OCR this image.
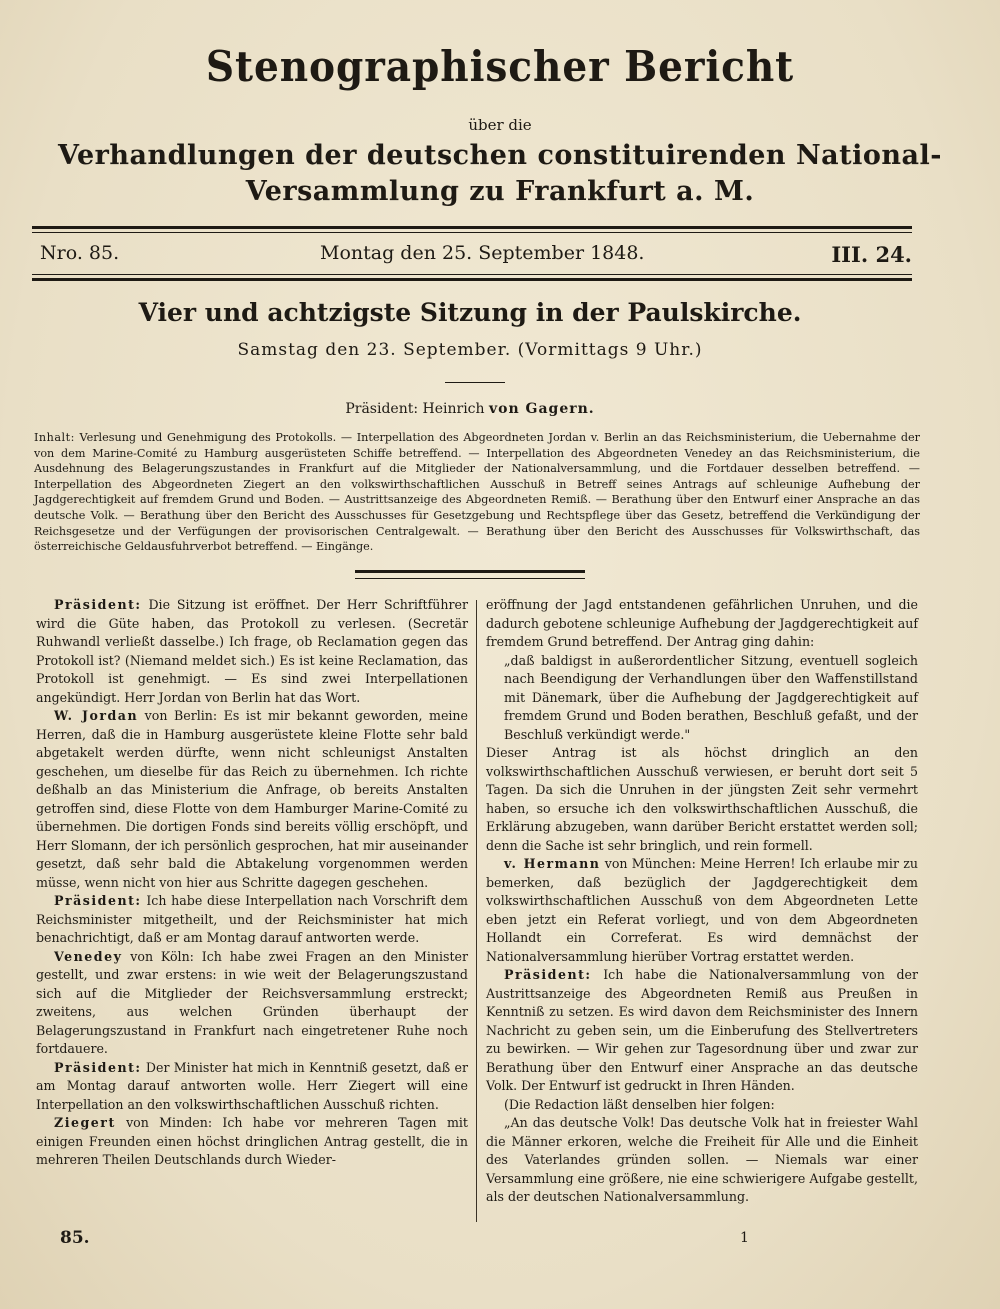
Stenographischer Bericht
über die
Verhandlungen der deutschen constituirenden National-
Versammlung zu Frankfurt a. M.
Nro. 85.	Montag den 25. September 1848.	III. 24.
Vier und achtzigste Sitzung in der Paulskirche.
Samstag den 23. September. (Vormittags 9 Uhr.)
Präsident: Heinrich von Gagern.
Inhalt: Verlesung und Genehmigung des Protokolls. — Interpellation des Abgeordneten Jordan v. Berlin an das Reichsministerium, die Uebernahme der von dem Marine-Comité zu Hamburg ausgerüsteten Schiffe betreffend. — Interpellation des Abgeordneten Venedey an das Reichsministerium, die Ausdehnung des Belagerungszustandes in Frankfurt auf die Mitglieder der Nationalversammlung, und die Fortdauer desselben betreffend. — Interpellation des Abgeordneten Ziegert an den volkswirthschaftlichen Ausschuß in Betreff seines Antrags auf schleunige Aufhebung der Jagdgerechtigkeit auf fremdem Grund und Boden. — Austrittsanzeige des Abgeordneten Remiß. — Berathung über den Entwurf einer Ansprache an das deutsche Volk. — Berathung über den Bericht des Ausschusses für Gesetzgebung und Rechtspflege über das Gesetz, betreffend die Verkündigung der Reichsgesetze und der Verfügungen der provisorischen Centralgewalt. — Berathung über den Bericht des Ausschusses für Volkswirthschaft, das österreichische Geldausfuhrverbot betreffend. — Eingänge.

Präsident: Die Sitzung ist eröffnet. Der Herr Schriftführer wird die Güte haben, das Protokoll zu verlesen. (Secretär Ruhwandl verließt dasselbe.) Ich frage, ob Reclamation gegen das Protokoll ist? (Niemand meldet sich.) Es ist keine Reclamation, das Protokoll ist genehmigt. — Es sind zwei Interpellationen angekündigt. Herr Jordan von Berlin hat das Wort.

W. Jordan von Berlin: Es ist mir bekannt geworden, meine Herren, daß die in Hamburg ausgerüstete kleine Flotte sehr bald abgetakelt werden dürfte, wenn nicht schleunigst Anstalten geschehen, um dieselbe für das Reich zu übernehmen. Ich richte deßhalb an das Ministerium die Anfrage, ob bereits Anstalten getroffen sind, diese Flotte von dem Hamburger Marine-Comité zu übernehmen. Die dortigen Fonds sind bereits völlig erschöpft, und Herr Slomann, der ich persönlich gesprochen, hat mir auseinander gesetzt, daß sehr bald die Abtakelung vorgenommen werden müsse, wenn nicht von hier aus Schritte dagegen geschehen.

Präsident: Ich habe diese Interpellation nach Vorschrift dem Reichsminister mitgetheilt, und der Reichsminister hat mich benachrichtigt, daß er am Montag darauf antworten werde.

Venedey von Köln: Ich habe zwei Fragen an den Minister gestellt, und zwar erstens: in wie weit der Belagerungszustand sich auf die Mitglieder der Reichsversammlung erstreckt; zweitens, aus welchen Gründen überhaupt der Belagerungszustand in Frankfurt nach eingetretener Ruhe noch fortdauere.

Präsident: Der Minister hat mich in Kenntniß gesetzt, daß er am Montag darauf antworten wolle. Herr Ziegert will eine Interpellation an den volkswirthschaftlichen Ausschuß richten.

Ziegert von Minden: Ich habe vor mehreren Tagen mit einigen Freunden einen höchst dringlichen Antrag gestellt, die in mehreren Theilen Deutschlands durch Wieder-

eröffnung der Jagd entstandenen gefährlichen Unruhen, und die dadurch gebotene schleunige Aufhebung der Jagdgerechtigkeit auf fremdem Grund betreffend. Der Antrag ging dahin:

„daß baldigst in außerordentlicher Sitzung, eventuell sogleich nach Beendigung der Verhandlungen über den Waffenstillstand mit Dänemark, über die Aufhebung der Jagdgerechtigkeit auf fremdem Grund und Boden berathen, Beschluß gefaßt, und der Beschluß verkündigt werde."

Dieser Antrag ist als höchst dringlich an den volkswirthschaftlichen Ausschuß verwiesen, er beruht dort seit 5 Tagen. Da sich die Unruhen in der jüngsten Zeit sehr vermehrt haben, so ersuche ich den volkswirthschaftlichen Ausschuß, die Erklärung abzugeben, wann darüber Bericht erstattet werden soll; denn die Sache ist sehr bringlich, und rein formell.

v. Hermann von München: Meine Herren! Ich erlaube mir zu bemerken, daß bezüglich der Jagdgerechtigkeit dem volkswirthschaftlichen Ausschuß von dem Abgeordneten Lette eben jetzt ein Referat vorliegt, und von dem Abgeordneten Hollandt ein Correferat. Es wird demnächst der Nationalversammlung hierüber Vortrag erstattet werden.

Präsident: Ich habe die Nationalversammlung von der Austrittsanzeige des Abgeordneten Remiß aus Preußen in Kenntniß zu setzen. Es wird davon dem Reichsminister des Innern Nachricht zu geben sein, um die Einberufung des Stellvertreters zu bewirken. — Wir gehen zur Tagesordnung über und zwar zur Berathung über den Entwurf einer Ansprache an das deutsche Volk. Der Entwurf ist gedruckt in Ihren Händen.

(Die Redaction läßt denselben hier folgen:

„An das deutsche Volk! Das deutsche Volk hat in freiester Wahl die Männer erkoren, welche die Freiheit für Alle und die Einheit des Vaterlandes gründen sollen. — Niemals war einer Versammlung eine größere, nie eine schwierigere Aufgabe gestellt, als der deutschen Nationalversammlung.

85.	1
